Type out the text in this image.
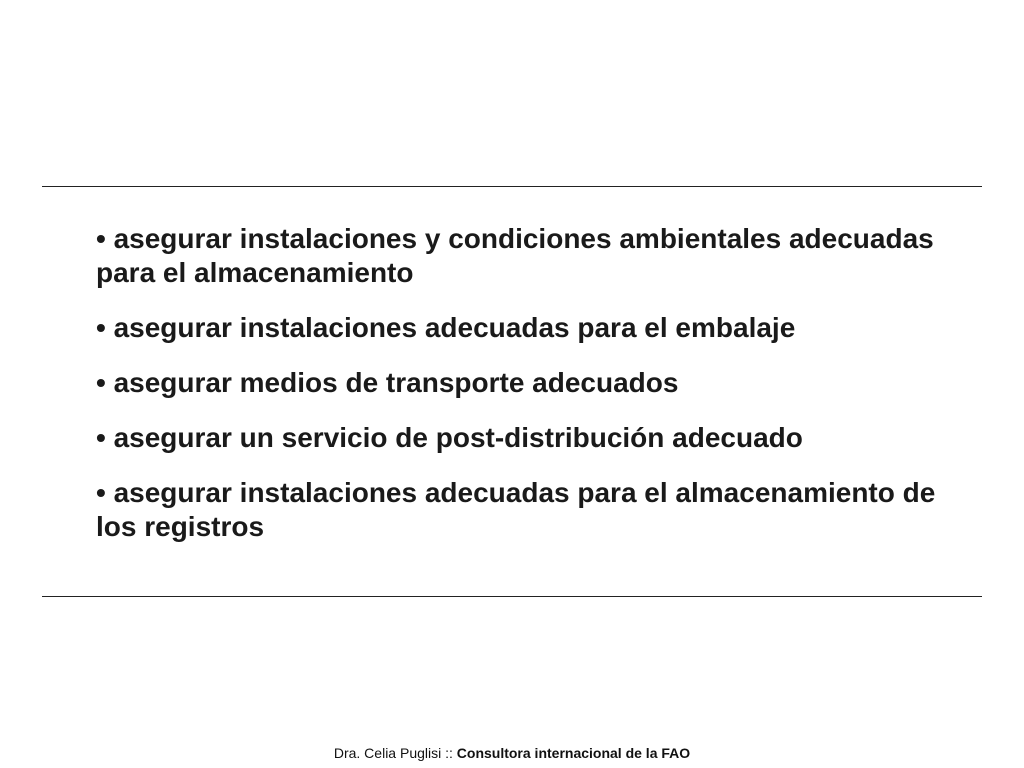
• asegurar instalaciones y condiciones ambientales adecuadas para el almacenamiento
• asegurar instalaciones adecuadas para el embalaje
• asegurar medios de transporte adecuados
• asegurar un servicio de post-distribución adecuado
• asegurar instalaciones adecuadas para el almacenamiento de los registros
Dra. Celia Puglisi :: Consultora internacional de la FAO
